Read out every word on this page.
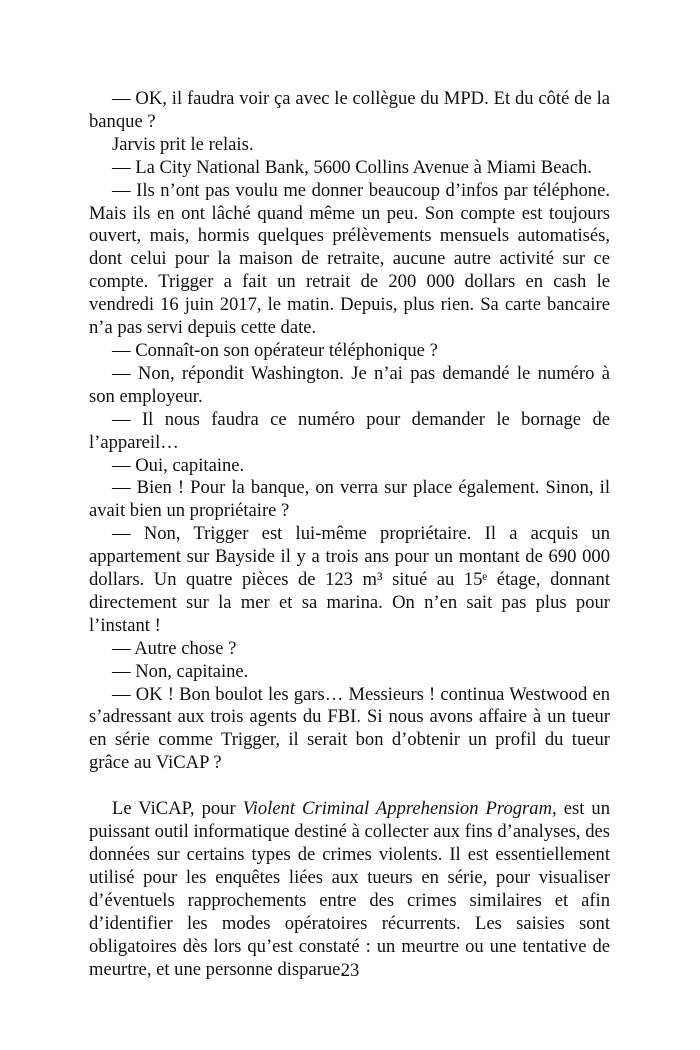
— OK, il faudra voir ça avec le collègue du MPD. Et du côté de la banque ?

Jarvis prit le relais.

— La City National Bank, 5600 Collins Avenue à Miami Beach.

— Ils n’ont pas voulu me donner beaucoup d’infos par téléphone. Mais ils en ont lâché quand même un peu. Son compte est toujours ouvert, mais, hormis quelques prélèvements mensuels automatisés, dont celui pour la maison de retraite, aucune autre activité sur ce compte. Trigger a fait un retrait de 200 000 dollars en cash le vendredi 16 juin 2017, le matin. Depuis, plus rien. Sa carte bancaire n’a pas servi depuis cette date.

— Connaît-on son opérateur téléphonique ?

— Non, répondit Washington. Je n’ai pas demandé le numéro à son employeur.

— Il nous faudra ce numéro pour demander le bornage de l’appareil…

— Oui, capitaine.

— Bien ! Pour la banque, on verra sur place également. Sinon, il avait bien un propriétaire ?

— Non, Trigger est lui-même propriétaire. Il a acquis un appartement sur Bayside il y a trois ans pour un montant de 690 000 dollars. Un quatre pièces de 123 m³ situé au 15ᵉ étage, donnant directement sur la mer et sa marina. On n’en sait pas plus pour l’instant !

— Autre chose ?

— Non, capitaine.

— OK ! Bon boulot les gars… Messieurs ! continua Westwood en s’adressant aux trois agents du FBI. Si nous avons affaire à un tueur en série comme Trigger, il serait bon d’obtenir un profil du tueur grâce au ViCAP ?

Le ViCAP, pour Violent Criminal Apprehension Program, est un puissant outil informatique destiné à collecter aux fins d’analyses, des données sur certains types de crimes violents. Il est essentiellement utilisé pour les enquêtes liées aux tueurs en série, pour visualiser d’éventuels rapprochements entre des crimes similaires et afin d’identifier les modes opératoires récurrents. Les saisies sont obligatoires dès lors qu’est constaté : un meurtre ou une tentative de meurtre, et une personne disparue.

23
